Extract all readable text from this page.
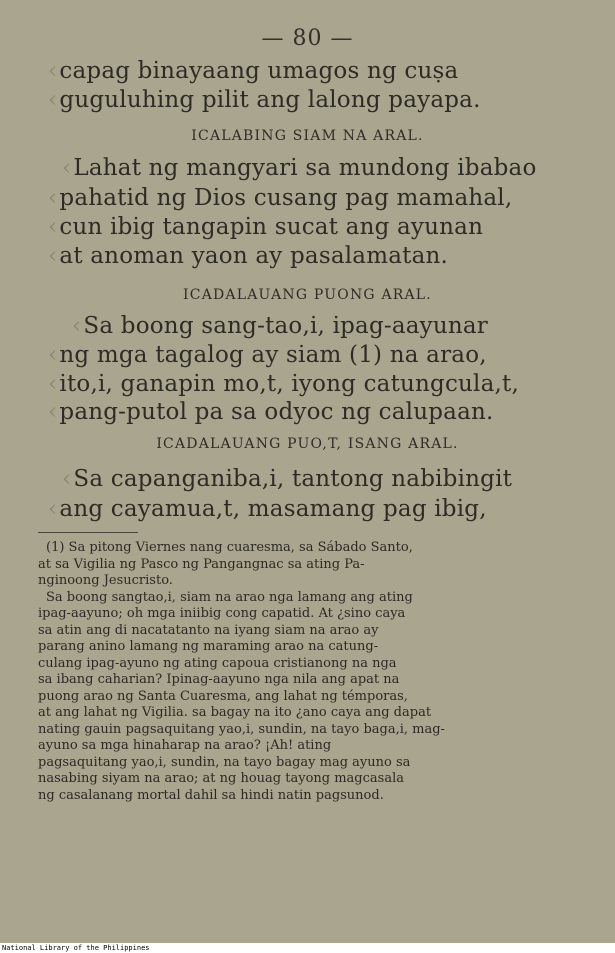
— 80 —
‹capag binayaang umagos ng cuṣa
‹guguluhing pilit ang lalong payapa.
ICALABING SIAM NA ARAL.
‹Lahat ng mangyari sa mundong ibabao
‹pahatid ng Dios cusang pag mamahal,
‹cun ibig tangapin sucat ang ayunan
‹at anoman yaon ay pasalamatan.
ICADALAUANG PUONG ARAL.
‹Sa boong sang-tao,i, ipag-aayunar
‹ng mga tagalog ay siam (1) na arao,
‹ito,i, ganapin mo,t, iyong catungcula,t,
‹pang-putol pa sa odyoc ng calupaan.
ICADALAUANG PUO,T, ISANG ARAL.
‹Sa capanganiba,i, tantong nabibingit
‹ang cayamua,t, masamang pag ibig,
(1) Sa pitong Viernes nang cuaresma, sa Sábado Santo,
at sa Vigilia ng Pasco ng Pangangnac sa ating Pa-
nginoong Jesucristo.
Sa boong sangtao,i, siam na arao nga lamang ang ating
ipag-aayuno; oh mga iniibig cong capatid. At ¿sino caya
sa atin ang di nacatatanto na iyang siam na arao ay
parang anino lamang ng maraming arao na catung-
culang ipag-ayuno ng ating capoua cristianong na nga
sa ibang caharian? Ipinag-aayuno nga nila ang apat na
puong arao ng Santa Cuaresma, ang lahat ng témporas,
at ang lahat ng Vigilia. sa bagay na ito ¿ano caya ang dapat
nating gauin pagsaquitang yao,i, sundin, na tayo baga,i, mag-
ayuno sa mga hinaharap na arao? ¡Ah! ating
pagsaquitang yao,i, sundin, na tayo bagay mag ayuno sa
nasabing siyam na arao; at ng houag tayong magcasala
ng casalanang mortal dahil sa hindi natin pagsunod.
National Library of the Philippines
